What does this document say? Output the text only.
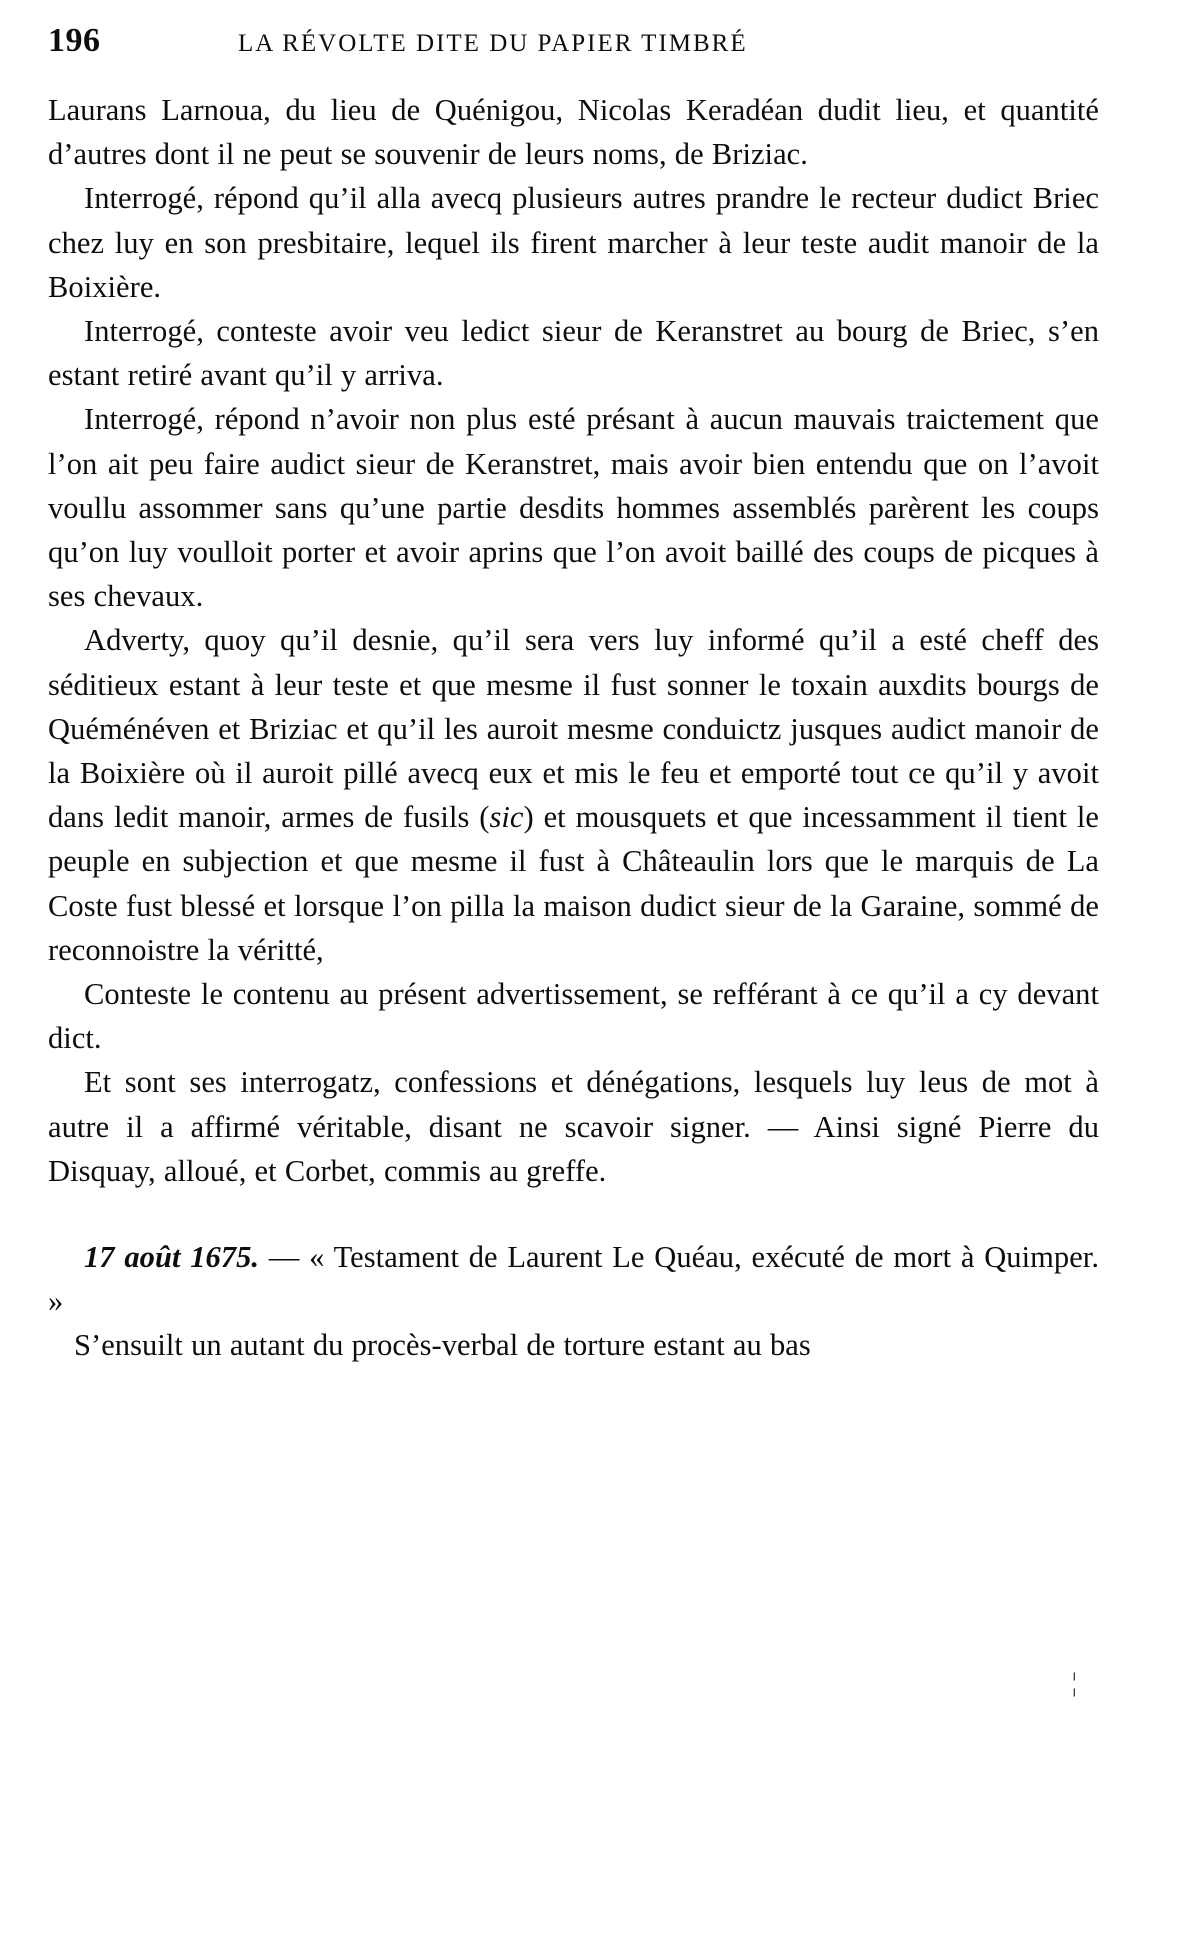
196	LA RÉVOLTE DITE DU PAPIER TIMBRÉ

Laurans Larnoua, du lieu de Quénigou, Nicolas Keradéan dudit lieu, et quantité d’autres dont il ne peut se souvenir de leurs noms, de Briziac.

Interrogé, répond qu’il alla avecq plusieurs autres prandre le recteur dudict Briec chez luy en son presbitaire, lequel ils firent marcher à leur teste audit manoir de la Boixière.

Interrogé, conteste avoir veu ledict sieur de Keranstret au bourg de Briec, s’en estant retiré avant qu’il y arriva.

Interrogé, répond n’avoir non plus esté présant à aucun mauvais traictement que l’on ait peu faire audict sieur de Keranstret, mais avoir bien entendu que on l’avoit voullu assommer sans qu’une partie desdits hommes assemblés parèrent les coups qu’on luy voulloit porter et avoir aprins que l’on avoit baillé des coups de picques à ses chevaux.

Adverty, quoy qu’il desnie, qu’il sera vers luy informé qu’il a esté cheff des séditieux estant à leur teste et que mesme il fust sonner le toxain auxdits bourgs de Quéménéven et Briziac et qu’il les auroit mesme conduictz jusques audict manoir de la Boixière où il auroit pillé avecq eux et mis le feu et emporté tout ce qu’il y avoit dans ledit manoir, armes de fusils (sic) et mousquets et que incessamment il tient le peuple en subjection et que mesme il fust à Châteaulin lors que le marquis de La Coste fust blessé et lorsque l’on pilla la maison dudict sieur de la Garaine, sommé de reconnoistre la véritté,

Conteste le contenu au présent advertissement, se refférant à ce qu’il a cy devant dict.

Et sont ses interrogatz, confessions et dénégations, lesquels luy leus de mot à autre il a affirmé véritable, disant ne scavoir signer. — Ainsi signé Pierre du Disquay, alloué, et Corbet, commis au greffe.

17 août 1675. — « Testament de Laurent Le Quéau, exécuté de mort à Quimper. »

S’ensuilt un autant du procès-verbal de torture estant au bas

¦
